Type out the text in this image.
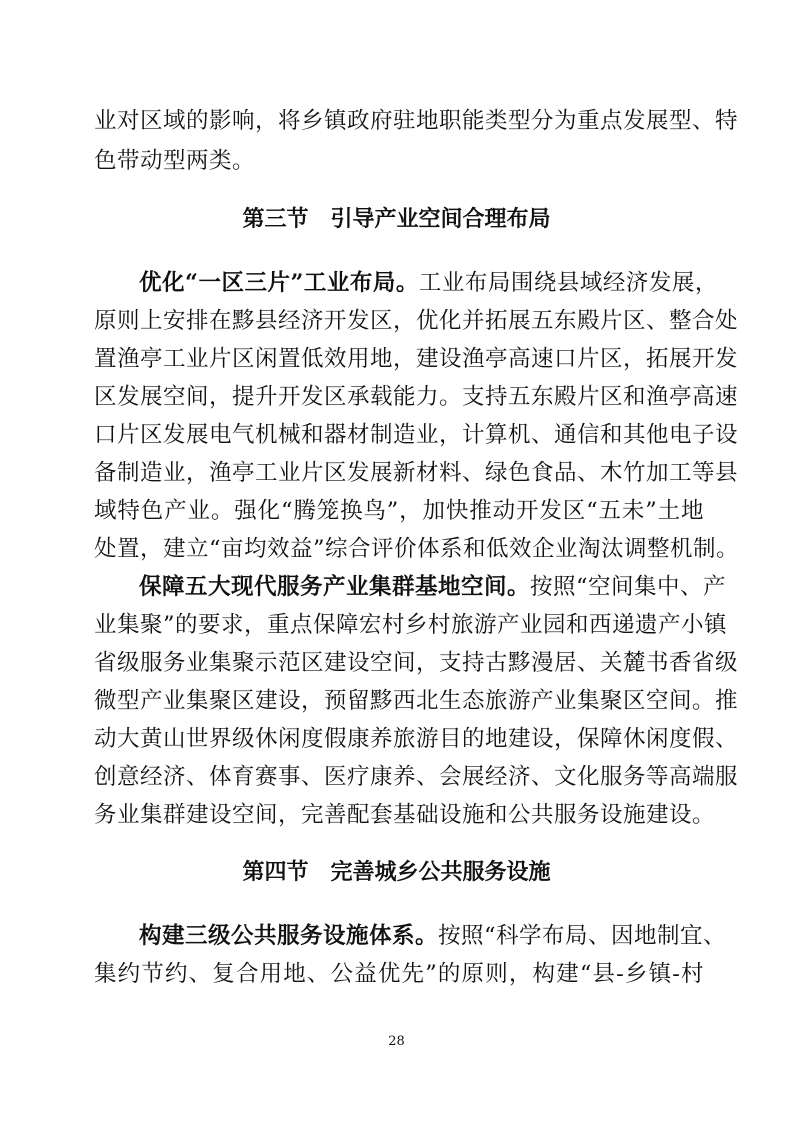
业对区域的影响，将乡镇政府驻地职能类型分为重点发展型、特
色带动型两类。
第三节　引导产业空间合理布局
优化“一区三片”工业布局。工业布局围绕县域经济发展，
原则上安排在黟县经济开发区，优化并拓展五东殿片区、整合处
置渔亭工业片区闲置低效用地，建设渔亭高速口片区，拓展开发
区发展空间，提升开发区承载能力。支持五东殿片区和渔亭高速
口片区发展电气机械和器材制造业，计算机、通信和其他电子设
备制造业，渔亭工业片区发展新材料、绿色食品、木竹加工等县
域特色产业。强化“腾笼换鸟”，加快推动开发区“五未”土地
处置，建立“亩均效益”综合评价体系和低效企业淘汰调整机制。
保障五大现代服务产业集群基地空间。按照“空间集中、产
业集聚”的要求，重点保障宏村乡村旅游产业园和西递遗产小镇
省级服务业集聚示范区建设空间，支持古黟漫居、关麓书香省级
微型产业集聚区建设，预留黟西北生态旅游产业集聚区空间。推
动大黄山世界级休闲度假康养旅游目的地建设，保障休闲度假、
创意经济、体育赛事、医疗康养、会展经济、文化服务等高端服
务业集群建设空间，完善配套基础设施和公共服务设施建设。
第四节　完善城乡公共服务设施
构建三级公共服务设施体系。按照“科学布局、因地制宜、
集约节约、复合用地、公益优先”的原则，构建“县-乡镇-村
28
